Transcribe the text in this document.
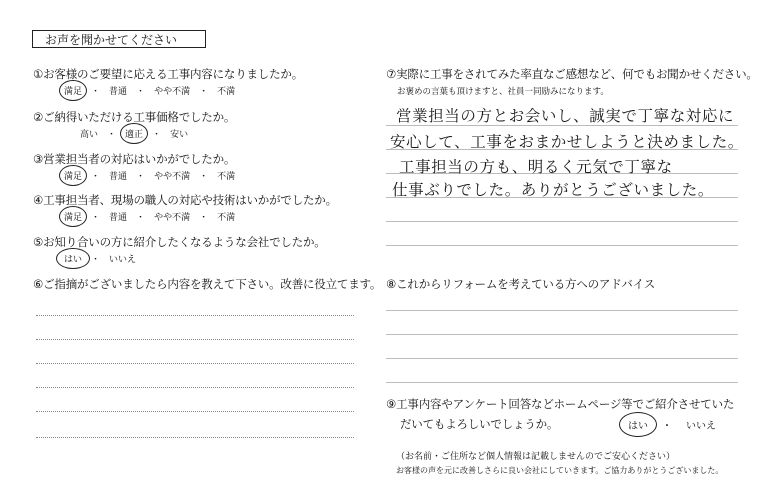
お声を聞かせてください
①お客様のご要望に応える工事内容になりましたか。
満足 ・ 普通 ・ やや不満 ・ 不満
②ご納得いただける工事価格でしたか。
高い ・ 適正 ・ 安い
③営業担当者の対応はいかがでしたか。
満足 ・ 普通 ・ やや不満 ・ 不満
④工事担当者、現場の職人の対応や技術はいかがでしたか。
満足 ・ 普通 ・ やや不満 ・ 不満
⑤お知り合いの方に紹介したくなるような会社でしたか。
はい ・ いいえ
⑥ご指摘がございましたら内容を教えて下さい。改善に役立てます。
⑦実際に工事をされてみた率直なご感想など、何でもお聞かせください。
お褒めの言葉も頂けますと、社員一同励みになります。
営業担当の方とお会いし、誠実で丁寧な対応に
安心して、工事をおまかせしようと決めました。
工事担当の方も、明るく元気で丁寧な
仕事ぶりでした。ありがとうございました。
⑧これからリフォームを考えている方へのアドバイス
⑨工事内容やアンケート回答などホームページ等でご紹介させていた
だいてもよろしいでしょうか。	はい ・ いいえ
（お名前・ご住所など個人情報は記載しませんのでご安心ください）
お客様の声を元に改善しさらに良い会社にしていきます。ご協力ありがとうございました。
